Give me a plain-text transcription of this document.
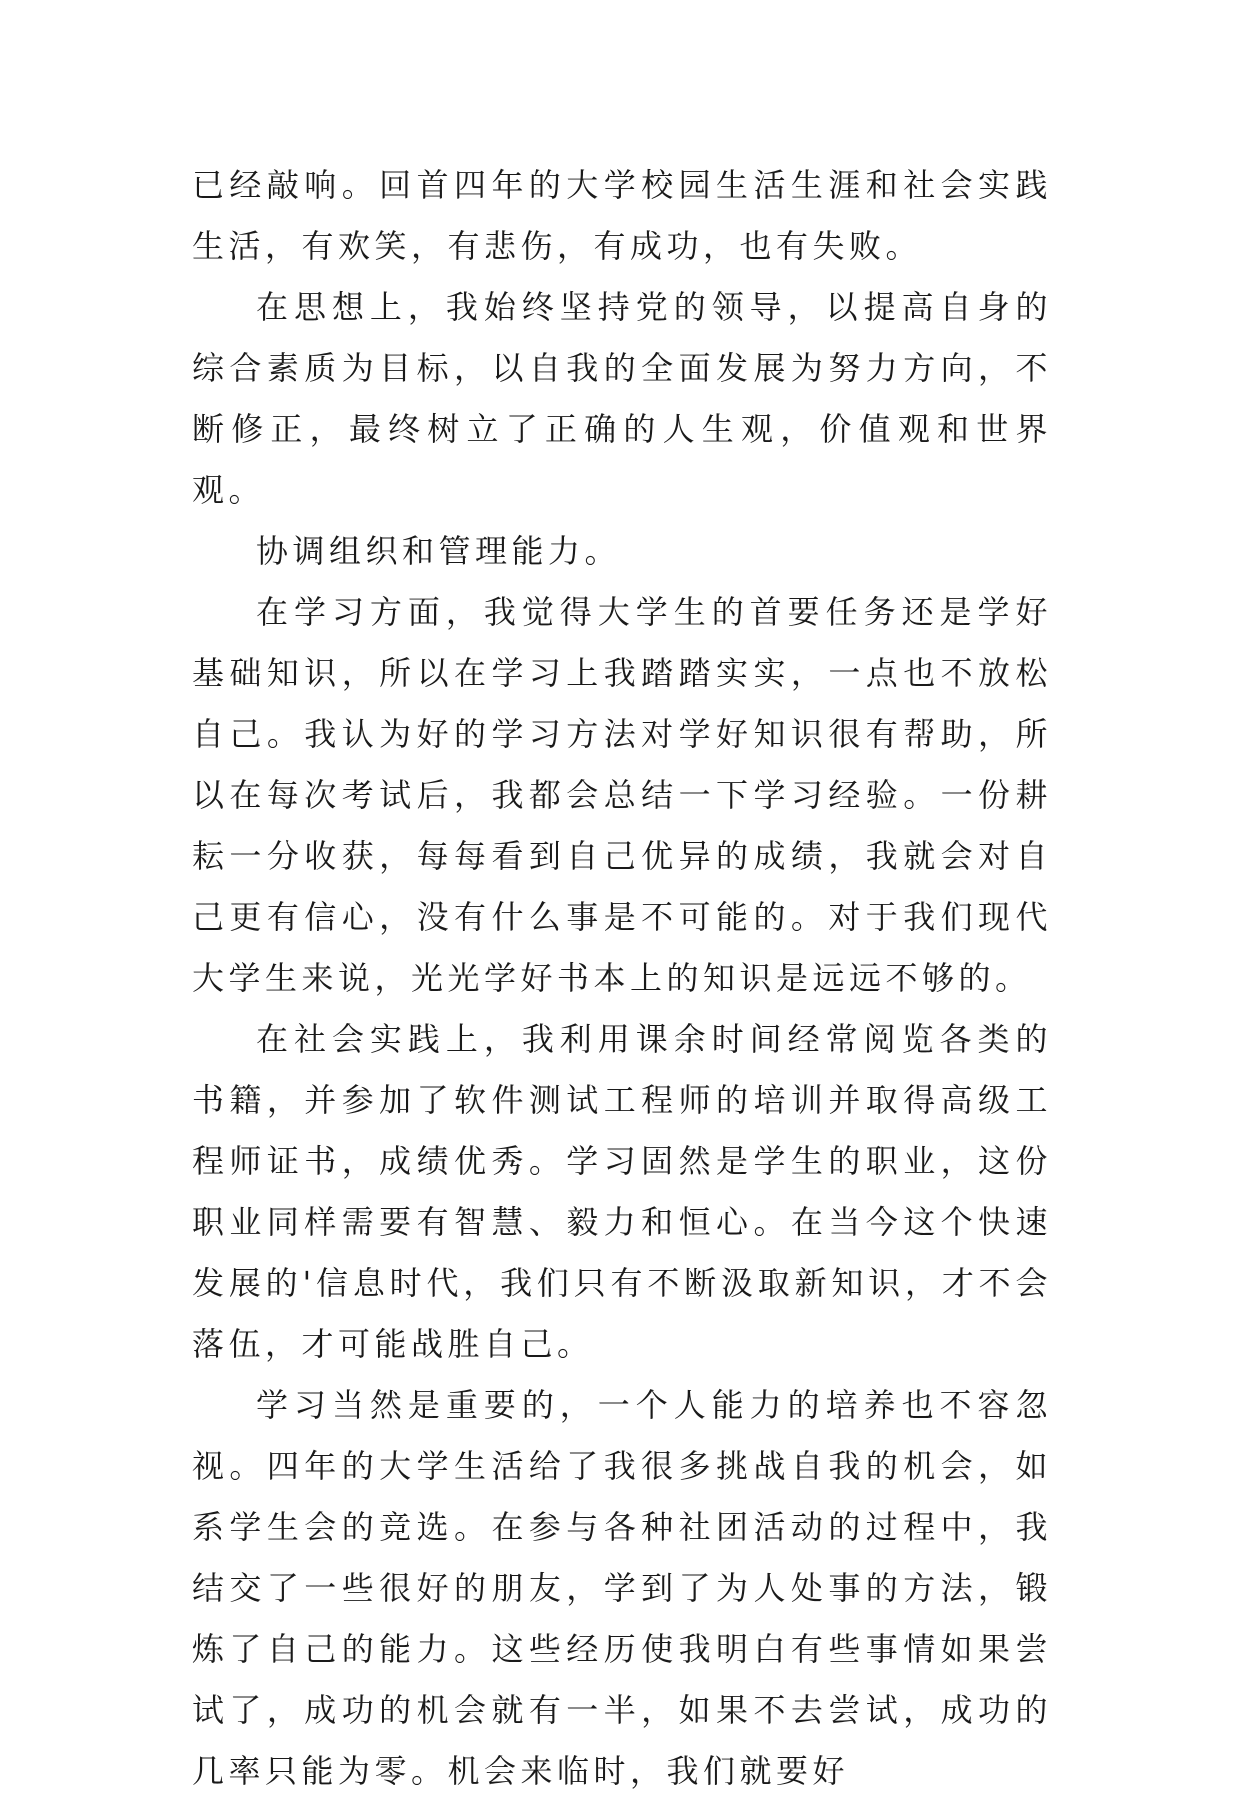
已经敲响。回首四年的大学校园生活生涯和社会实践生活，有欢笑，有悲伤，有成功，也有失败。

在思想上，我始终坚持党的领导，以提高自身的综合素质为目标，以自我的全面发展为努力方向，不断修正，最终树立了正确的人生观，价值观和世界观。

协调组织和管理能力。

在学习方面，我觉得大学生的首要任务还是学好基础知识，所以在学习上我踏踏实实，一点也不放松自己。我认为好的学习方法对学好知识很有帮助，所以在每次考试后，我都会总结一下学习经验。一份耕耘一分收获，每每看到自己优异的成绩，我就会对自己更有信心，没有什么事是不可能的。对于我们现代大学生来说，光光学好书本上的知识是远远不够的。

在社会实践上，我利用课余时间经常阅览各类的书籍，并参加了软件测试工程师的培训并取得高级工程师证书，成绩优秀。学习固然是学生的职业，这份职业同样需要有智慧、毅力和恒心。在当今这个快速发展的'信息时代，我们只有不断汲取新知识，才不会落伍，才可能战胜自己。

学习当然是重要的，一个人能力的培养也不容忽视。四年的大学生活给了我很多挑战自我的机会，如系学生会的竞选。在参与各种社团活动的过程中，我结交了一些很好的朋友，学到了为人处事的方法，锻炼了自己的能力。这些经历使我明白有些事情如果尝试了，成功的机会就有一半，如果不去尝试，成功的几率只能为零。机会来临时，我们就要好
